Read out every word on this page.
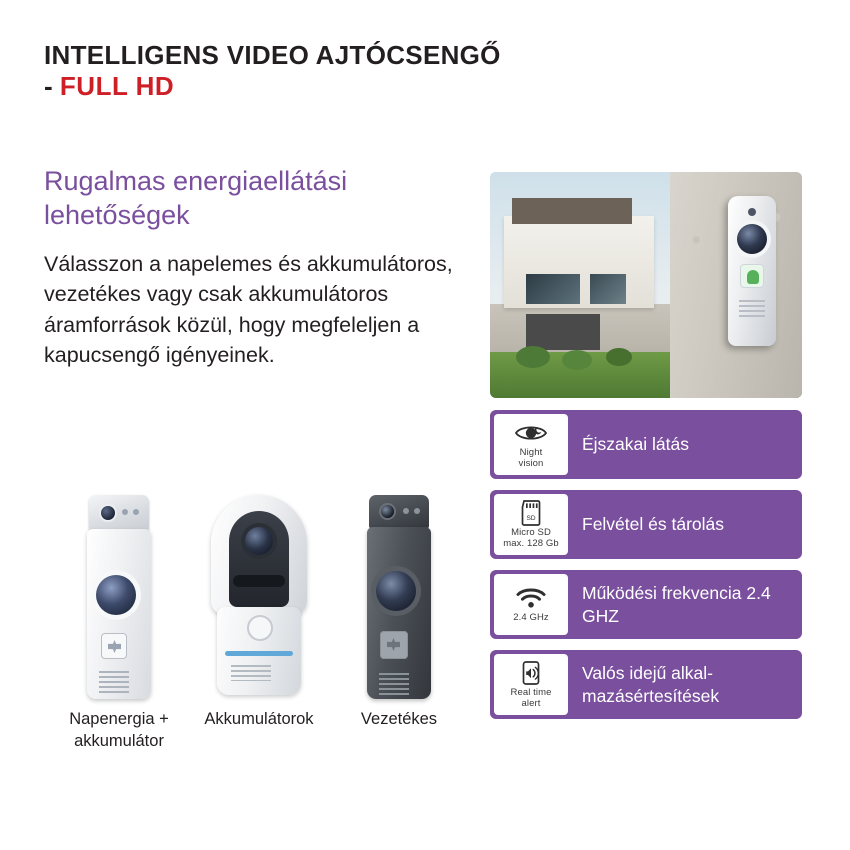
INTELLIGENS VIDEO AJTÓCSENGŐ
- FULL HD
Rugalmas energiaellátási lehetőségek

Válasszon a napelemes és akkumulátoros, vezetékes vagy csak akkumulátoros áramforrások közül, hogy megfeleljen a kapucsengő igényeinek.

Napenergia + akkumulátor
Akkumulátorok	Vezetékes
Night
vision
Éjszakai látás
SD
Micro SD
max. 128 Gb
Felvétel és tárolás
2.4 GHz
Működési frekvencia 2.4 GHZ
Real time
alert
Valós idejű alkal-mazásértesítések
